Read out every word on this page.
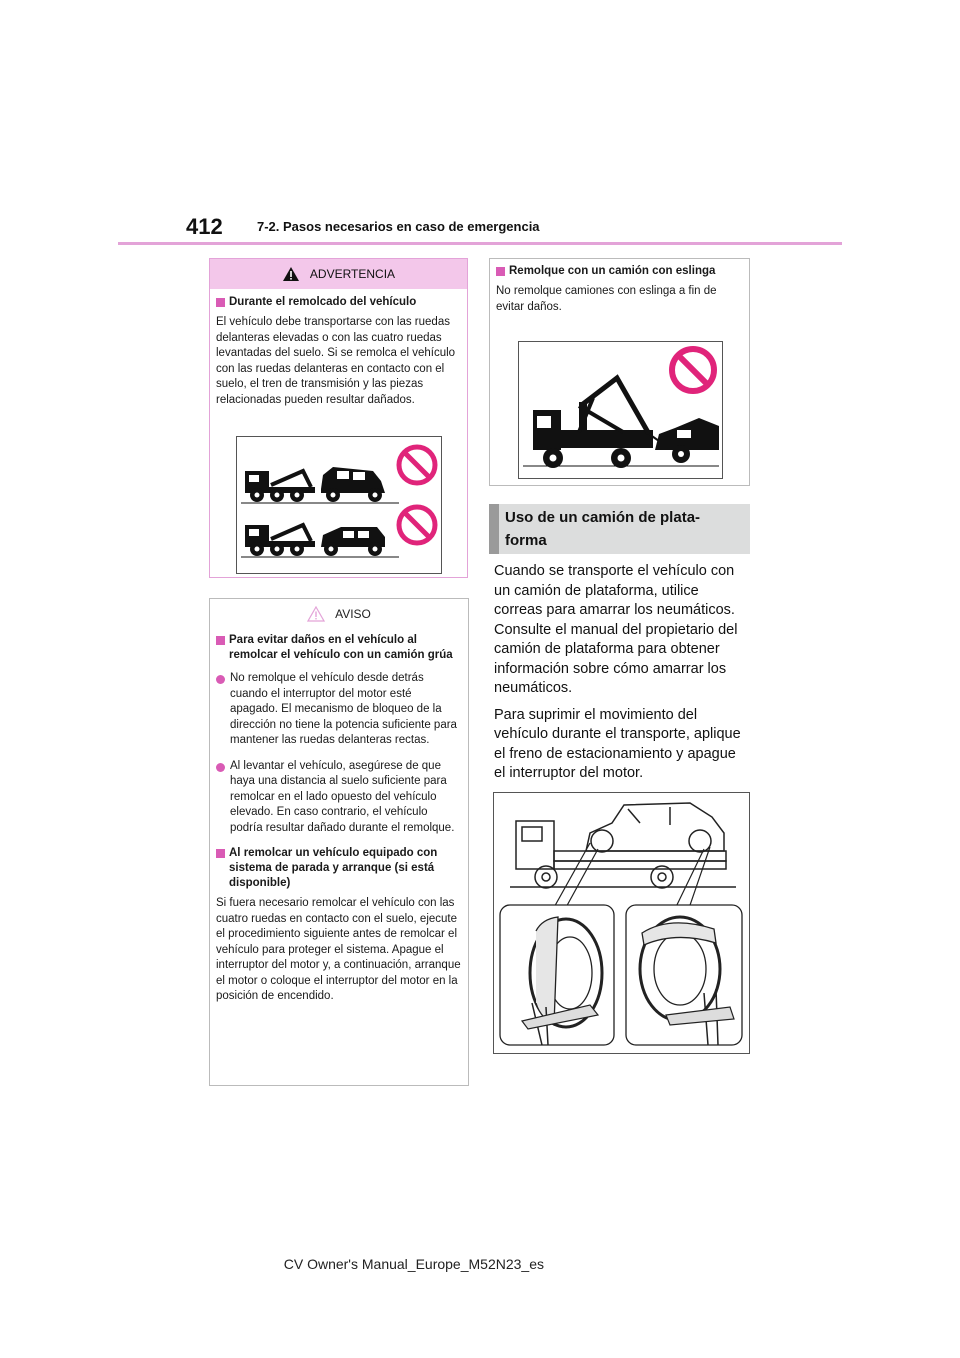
412	7-2. Pasos necesarios en caso de emergencia
ADVERTENCIA
Durante el remolcado del vehículo
El vehículo debe transportarse con las ruedas delanteras elevadas o con las cuatro ruedas levantadas del suelo. Si se remolca el vehículo con las ruedas delanteras en contacto con el suelo, el tren de transmisión y las piezas relacionadas pueden resultar dañados.
AVISO
Para evitar daños en el vehículo al remolcar el vehículo con un camión grúa
No remolque el vehículo desde detrás cuando el interruptor del motor esté apagado. El mecanismo de bloqueo de la dirección no tiene la potencia suficiente para mantener las ruedas delanteras rectas.
Al levantar el vehículo, asegúrese de que haya una distancia al suelo suficiente para remolcar en el lado opuesto del vehículo elevado. En caso contrario, el vehículo podría resultar dañado durante el remolque.
Al remolcar un vehículo equipado con sistema de parada y arranque (si está disponible)
Si fuera necesario remolcar el vehículo con las cuatro ruedas en contacto con el suelo, ejecute el procedimiento siguiente antes de remolcar el vehículo para proteger el sistema. Apague el interruptor del motor y, a continuación, arranque el motor o coloque el interruptor del motor en la posición de encendido.
Remolque con un camión con eslinga
No remolque camiones con eslinga a fin de evitar daños.
Uso de un camión de plata-
forma

Cuando se transporte el vehículo con un camión de plataforma, utilice correas para amarrar los neumáticos. Consulte el manual del propietario del camión de plataforma para obtener información sobre cómo amarrar los neumáticos.

Para suprimir el movimiento del vehículo durante el transporte, aplique el freno de estacionamiento y apague el interruptor del motor.

CV Owner's Manual_Europe_M52N23_es
